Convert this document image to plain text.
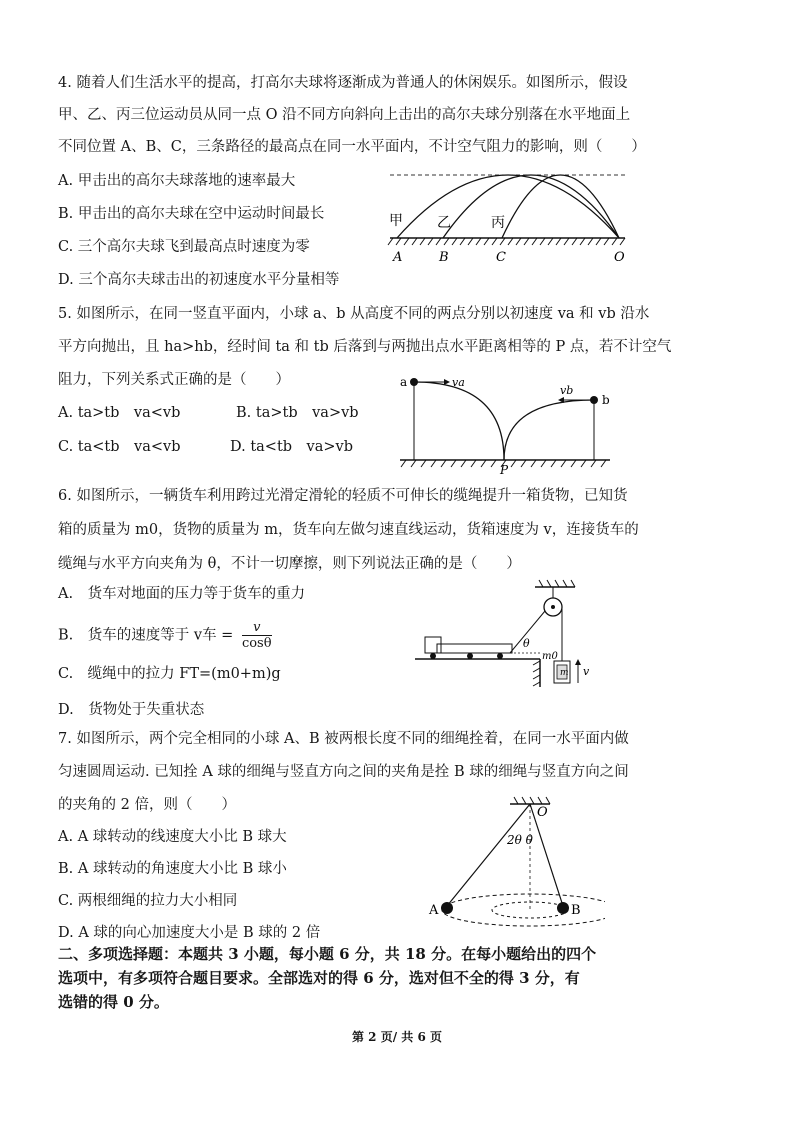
4. 随着人们生活水平的提高，打高尔夫球将逐渐成为普通人的休闲娱乐。如图所示，假设
甲、乙、丙三位运动员从同一点 O 沿不同方向斜向上击出的高尔夫球分别落在水平地面上
不同位置 A、B、C，三条路径的最高点在同一水平面内，不计空气阻力的影响，则（　　）
A. 甲击出的高尔夫球落地的速率最大
B. 甲击出的高尔夫球在空中运动时间最长
C. 三个高尔夫球飞到最高点时速度为零
D. 三个高尔夫球击出的初速度水平分量相等
甲 乙	丙
A	B	C	O
5. 如图所示，在同一竖直平面内，小球 a、b 从高度不同的两点分别以初速度 va 和 vb 沿水
平方向抛出，且 ha>hb，经时间 ta 和 tb 后落到与两抛出点水平距离相等的 P 点，若不计空气
阻力，下列关系式正确的是（　　）
A. ta>tb　va<vb	B. ta>tb　va>vb
C. ta<tb　va<vb	D. ta<tb　va>vb
a
b
va
vb
P
6. 如图所示，一辆货车利用跨过光滑定滑轮的轻质不可伸长的缆绳提升一箱货物，已知货
箱的质量为 m0，货物的质量为 m，货车向左做匀速直线运动，货箱速度为 v，连接货车的
缆绳与水平方向夹角为 θ，不计一切摩擦，则下列说法正确的是（　　）
A.　货车对地面的压力等于货车的重力
B.　货车的速度等于 v车 = $\frac{v}{\cos\theta}$
C.　缆绳中的拉力 FT=(m0+m)g
D.　货物处于失重状态
θ
m
m0
v
7. 如图所示，两个完全相同的小球 A、B 被两根长度不同的细绳拴着，在同一水平面内做
匀速圆周运动. 已知拴 A 球的细绳与竖直方向之间的夹角是拴 B 球的细绳与竖直方向之间
的夹角的 2 倍，则（　　）
A. A 球转动的线速度大小比 B 球大
B. A 球转动的角速度大小比 B 球小
C. 两根细绳的拉力大小相同
D. A 球的向心加速度大小是 B 球的 2 倍
O
2θ θ
A	B
二、多项选择题：本题共 3 小题，每小题 6 分，共 18 分。在每小题给出的四个
选项中，有多项符合题目要求。全部选对的得 6 分，选对但不全的得 3 分，有
选错的得 0 分。
第 2 页/ 共 6 页
